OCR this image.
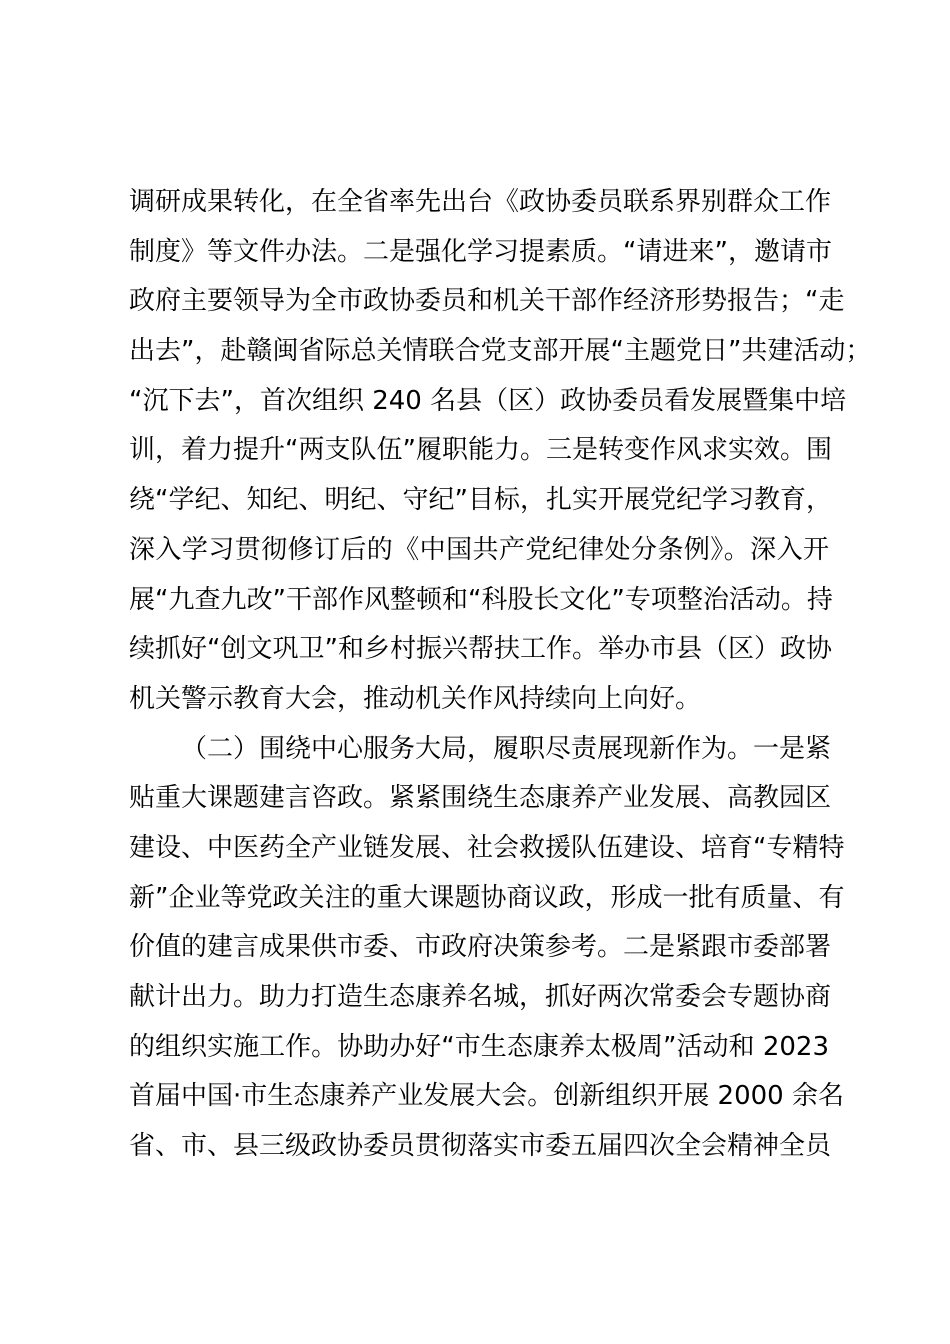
调研成果转化，在全省率先出台《政协委员联系界别群众工作
制度》等文件办法。二是强化学习提素质。“请进来”，邀请市
政府主要领导为全市政协委员和机关干部作经济形势报告；“走
出去”，赴赣闽省际总关情联合党支部开展“主题党日”共建活动；
“沉下去”，首次组织 240 名县（区）政协委员看发展暨集中培
训，着力提升“两支队伍”履职能力。三是转变作风求实效。围
绕“学纪、知纪、明纪、守纪”目标，扎实开展党纪学习教育，
深入学习贯彻修订后的《中国共产党纪律处分条例》。深入开
展“九查九改”干部作风整顿和“科股长文化”专项整治活动。持
续抓好“创文巩卫”和乡村振兴帮扶工作。举办市县（区）政协
机关警示教育大会，推动机关作风持续向上向好。
（二）围绕中心服务大局，履职尽责展现新作为。一是紧
贴重大课题建言咨政。紧紧围绕生态康养产业发展、高教园区
建设、中医药全产业链发展、社会救援队伍建设、培育“专精特
新”企业等党政关注的重大课题协商议政，形成一批有质量、有
价值的建言成果供市委、市政府决策参考。二是紧跟市委部署
献计出力。助力打造生态康养名城，抓好两次常委会专题协商
的组织实施工作。协助办好“市生态康养太极周”活动和 2023
首届中国·市生态康养产业发展大会。创新组织开展 2000 余名
省、市、县三级政协委员贯彻落实市委五届四次全会精神全员
